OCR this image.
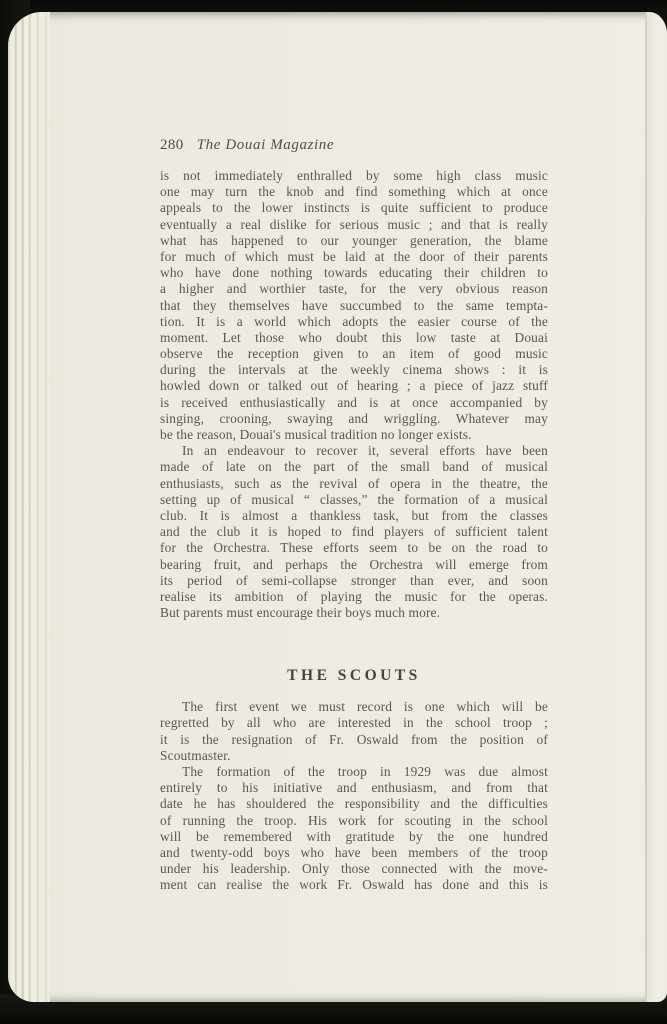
280 The Douai Magazine
is not immediately enthralled by some high class music
one may turn the knob and find something which at once
appeals to the lower instincts is quite sufficient to produce
eventually a real dislike for serious music ; and that is really
what has happened to our younger generation, the blame
for much of which must be laid at the door of their parents
who have done nothing towards educating their children to
a higher and worthier taste, for the very obvious reason
that they themselves have succumbed to the same tempta-
tion. It is a world which adopts the easier course of the
moment. Let those who doubt this low taste at Douai
observe the reception given to an item of good music
during the intervals at the weekly cinema shows : it is
howled down or talked out of hearing ; a piece of jazz stuff
is received enthusiastically and is at once accompanied by
singing, crooning, swaying and wriggling. Whatever may
be the reason, Douai's musical tradition no longer exists.
In an endeavour to recover it, several efforts have been
made of late on the part of the small band of musical
enthusiasts, such as the revival of opera in the theatre, the
setting up of musical “ classes,” the formation of a musical
club. It is almost a thankless task, but from the classes
and the club it is hoped to find players of sufficient talent
for the Orchestra. These efforts seem to be on the road to
bearing fruit, and perhaps the Orchestra will emerge from
its period of semi-collapse stronger than ever, and soon
realise its ambition of playing the music for the operas.
But parents must encourage their boys much more.
THE SCOUTS
The first event we must record is one which will be
regretted by all who are interested in the school troop ;
it is the resignation of Fr. Oswald from the position of
Scoutmaster.
The formation of the troop in 1929 was due almost
entirely to his initiative and enthusiasm, and from that
date he has shouldered the responsibility and the difficulties
of running the troop. His work for scouting in the school
will be remembered with gratitude by the one hundred
and twenty-odd boys who have been members of the troop
under his leadership. Only those connected with the move-
ment can realise the work Fr. Oswald has done and this is
